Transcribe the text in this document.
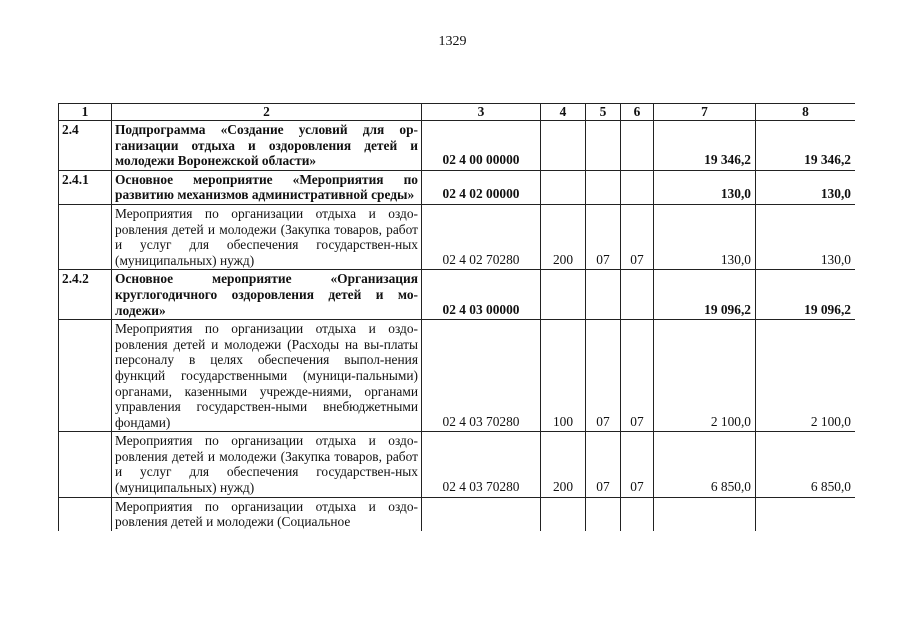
1329
1	2	3	4	5	6	7	8
2.4	Подпрограмма «Создание условий для ор-ганизации отдыха и оздоровления детей и молодежи Воронежской области»	02 4 00 00000				19 346,2	19 346,2
2.4.1	Основное мероприятие «Мероприятия по развитию механизмов административной среды»	02 4 02 00000				130,0	130,0
	Мероприятия по организации отдыха и оздо-ровления детей и молодежи (Закупка товаров, работ и услуг для обеспечения государствен-ных (муниципальных) нужд)	02 4 02 70280	200	07	07	130,0	130,0
2.4.2	Основное мероприятие «Организация круглогодичного оздоровления детей и мо-лодежи»	02 4 03 00000				19 096,2	19 096,2
	Мероприятия по организации отдыха и оздо-ровления детей и молодежи (Расходы на вы-платы персоналу в целях обеспечения выпол-нения функций государственными (муници-пальными) органами, казенными учрежде-ниями, органами управления государствен-ными внебюджетными фондами)	02 4 03 70280	100	07	07	2 100,0	2 100,0
	Мероприятия по организации отдыха и оздо-ровления детей и молодежи (Закупка товаров, работ и услуг для обеспечения государствен-ных (муниципальных) нужд)	02 4 03 70280	200	07	07	6 850,0	6 850,0
	Мероприятия по организации отдыха и оздо-ровления детей и молодежи (Социальное						
